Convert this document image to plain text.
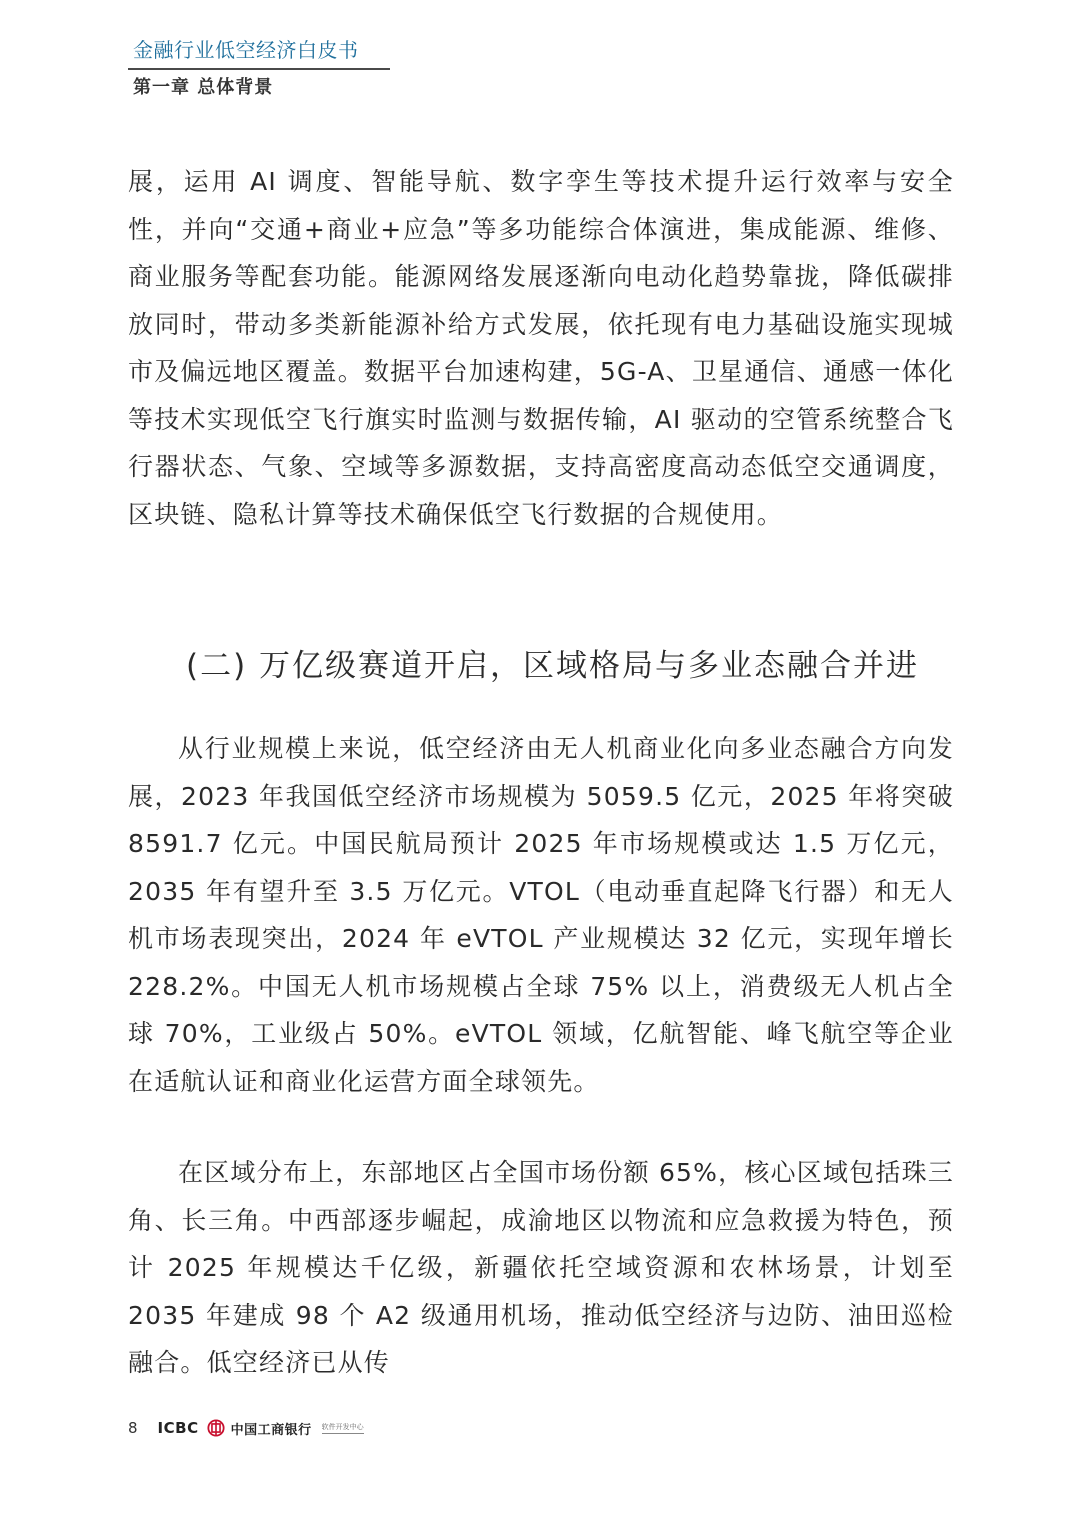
金融行业低空经济白皮书
第一章 总体背景

展，运用 AI 调度、智能导航、数字孪生等技术提升运行效率与安全性，并向“交通+商业+应急”等多功能综合体演进，集成能源、维修、商业服务等配套功能。能源网络发展逐渐向电动化趋势靠拢，降低碳排放同时，带动多类新能源补给方式发展，依托现有电力基础设施实现城市及偏远地区覆盖。数据平台加速构建，5G-A、卫星通信、通感一体化等技术实现低空飞行旗实时监测与数据传输，AI 驱动的空管系统整合飞行器状态、气象、空域等多源数据，支持高密度高动态低空交通调度，区块链、隐私计算等技术确保低空飞行数据的合规使用。

(二) 万亿级赛道开启，区域格局与多业态融合并进

从行业规模上来说，低空经济由无人机商业化向多业态融合方向发展，2023 年我国低空经济市场规模为 5059.5 亿元，2025 年将突破 8591.7 亿元。中国民航局预计 2025 年市场规模或达 1.5 万亿元，2035 年有望升至 3.5 万亿元。VTOL（电动垂直起降飞行器）和无人机市场表现突出，2024 年 eVTOL 产业规模达 32 亿元，实现年增长 228.2%。中国无人机市场规模占全球 75% 以上，消费级无人机占全球 70%，工业级占 50%。eVTOL 领域，亿航智能、峰飞航空等企业在适航认证和商业化运营方面全球领先。

在区域分布上，东部地区占全国市场份额 65%，核心区域包括珠三角、长三角。中西部逐步崛起，成渝地区以物流和应急救援为特色，预计 2025 年规模达千亿级，新疆依托空域资源和农林场景，计划至 2035 年建成 98 个 A2 级通用机场，推动低空经济与边防、油田巡检融合。低空经济已从传

8 ICBC 中国工商银行 软件开发中心
